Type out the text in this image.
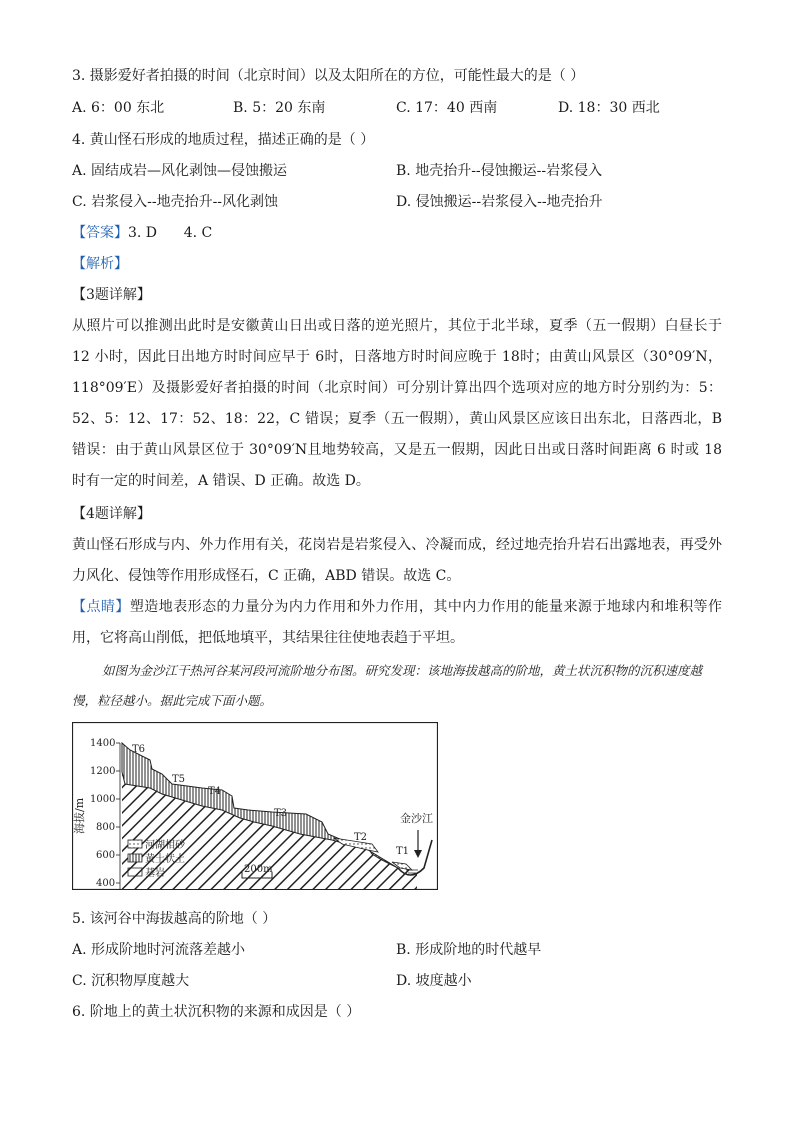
3. 摄影爱好者拍摄的时间（北京时间）以及太阳所在的方位，可能性最大的是（ ）
A. 6：00 东北	B. 5：20 东南	C. 17：40 西南	D. 18：30 西北
4. 黄山怪石形成的地质过程，描述正确的是（ ）
A. 固结成岩—风化剥蚀—侵蚀搬运	B. 地壳抬升--侵蚀搬运--岩浆侵入
C. 岩浆侵入--地壳抬升--风化剥蚀	D. 侵蚀搬运--岩浆侵入--地壳抬升
【答案】3. D      4. C
【解析】
【3题详解】
从照片可以推测出此时是安徽黄山日出或日落的逆光照片，其位于北半球，夏季（五一假期）白昼长于 12 小时，因此日出地方时时间应早于 6时，日落地方时时间应晚于 18时；由黄山风景区（30°09′N，118°09′E）及摄影爱好者拍摄的时间（北京时间）可分别计算出四个选项对应的地方时分别约为：5：52、5：12、17：52、18：22，C 错误；夏季（五一假期），黄山风景区应该日出东北，日落西北，B 错误：由于黄山风景区位于 30°09′N且地势较高，又是五一假期，因此日出或日落时间距离 6 时或 18 时有一定的时间差，A 错误、D 正确。故选 D。
【4题详解】
黄山怪石形成与内、外力作用有关，花岗岩是岩浆侵入、冷凝而成，经过地壳抬升岩石出露地表，再受外力风化、侵蚀等作用形成怪石，C 正确，ABD 错误。故选 C。
【点睛】塑造地表形态的力量分为内力作用和外力作用，其中内力作用的能量来源于地球内和堆积等作用，它将高山削低，把低地填平，其结果往往使地表趋于平坦。
如图为金沙江干热河谷某河段河流阶地分布图。研究发现：该地海拔越高的阶地，黄土状沉积物的沉积速度越慢，粒径越小。据此完成下面小题。
1400
1200
1000
800
600
400
海拔/m
T6
T5
T4
T3
T2
T1
金沙江
河湖相砂
黄土状土
基岩	200m
5. 该河谷中海拔越高的阶地（ ）
A. 形成阶地时河流落差越小	B. 形成阶地的时代越早
C. 沉积物厚度越大	D. 坡度越小
6. 阶地上的黄土状沉积物的来源和成因是（ ）
